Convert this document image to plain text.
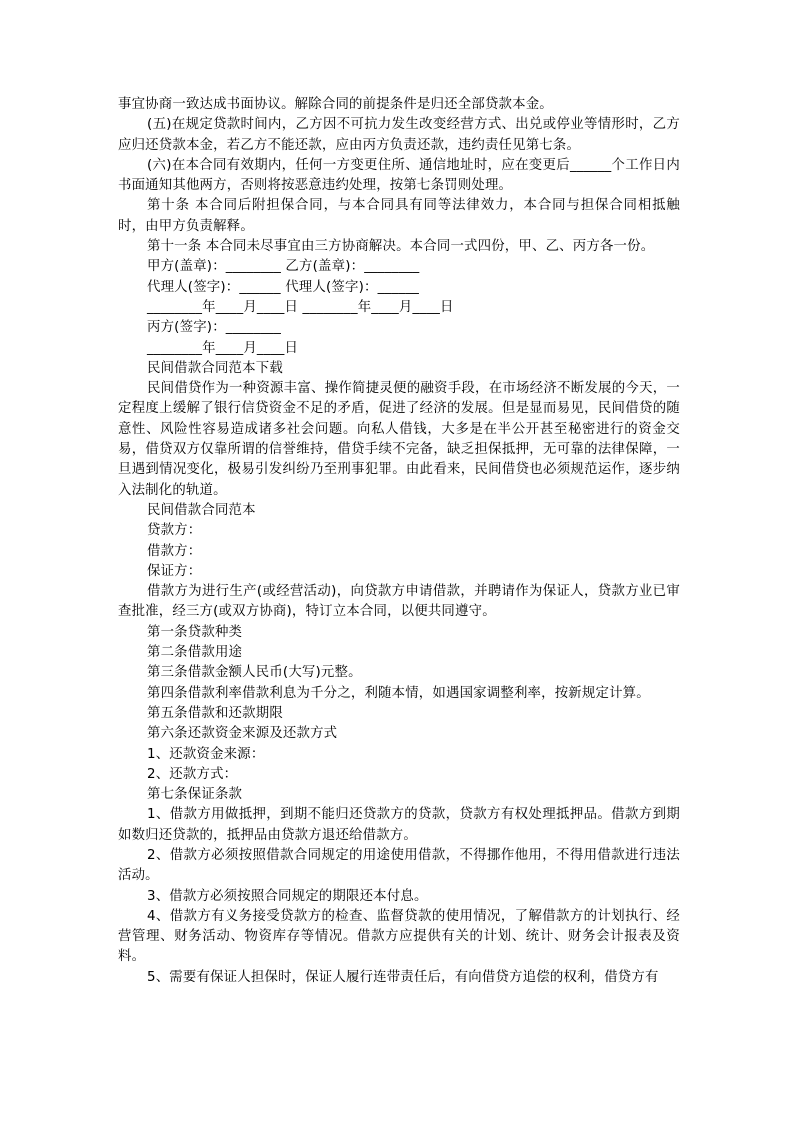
事宜协商一致达成书面协议。解除合同的前提条件是归还全部贷款本金。

(五)在规定贷款时间内，乙方因不可抗力发生改变经营方式、出兑或停业等情形时，乙方应归还贷款本金，若乙方不能还款，应由丙方负责还款，违约责任见第七条。

(六)在本合同有效期内，任何一方变更住所、通信地址时，应在变更后______个工作日内书面通知其他两方，否则将按恶意违约处理，按第七条罚则处理。

第十条 本合同后附担保合同，与本合同具有同等法律效力，本合同与担保合同相抵触时，由甲方负责解释。

第十一条 本合同未尽事宜由三方协商解决。本合同一式四份，甲、乙、丙方各一份。

甲方(盖章)：________ 乙方(盖章)：________

代理人(签字)：______ 代理人(签字)：______

________年____月____日 ________年____月____日

丙方(签字)：________

________年____月____日

民间借款合同范本下载

民间借贷作为一种资源丰富、操作简捷灵便的融资手段，在市场经济不断发展的今天，一定程度上缓解了银行信贷资金不足的矛盾，促进了经济的发展。但是显而易见，民间借贷的随意性、风险性容易造成诸多社会问题。向私人借钱，大多是在半公开甚至秘密进行的资金交易，借贷双方仅靠所谓的信誉维持，借贷手续不完备，缺乏担保抵押，无可靠的法律保障，一旦遇到情况变化，极易引发纠纷乃至刑事犯罪。由此看来，民间借贷也必须规范运作，逐步纳入法制化的轨道。

民间借款合同范本

贷款方：

借款方：

保证方：

借款方为进行生产(或经营活动)，向贷款方申请借款，并聘请作为保证人，贷款方业已审查批准，经三方(或双方协商)，特订立本合同，以便共同遵守。

第一条贷款种类

第二条借款用途

第三条借款金额人民币(大写)元整。

第四条借款利率借款利息为千分之，利随本情，如遇国家调整利率，按新规定计算。

第五条借款和还款期限

第六条还款资金来源及还款方式

1、还款资金来源：

2、还款方式：

第七条保证条款

1、借款方用做抵押，到期不能归还贷款方的贷款，贷款方有权处理抵押品。借款方到期如数归还贷款的，抵押品由贷款方退还给借款方。

2、借款方必须按照借款合同规定的用途使用借款，不得挪作他用，不得用借款进行违法活动。

3、借款方必须按照合同规定的期限还本付息。

4、借款方有义务接受贷款方的检查、监督贷款的使用情况，了解借款方的计划执行、经营管理、财务活动、物资库存等情况。借款方应提供有关的计划、统计、财务会计报表及资料。

5、需要有保证人担保时，保证人履行连带责任后，有向借贷方追偿的权利，借贷方有
